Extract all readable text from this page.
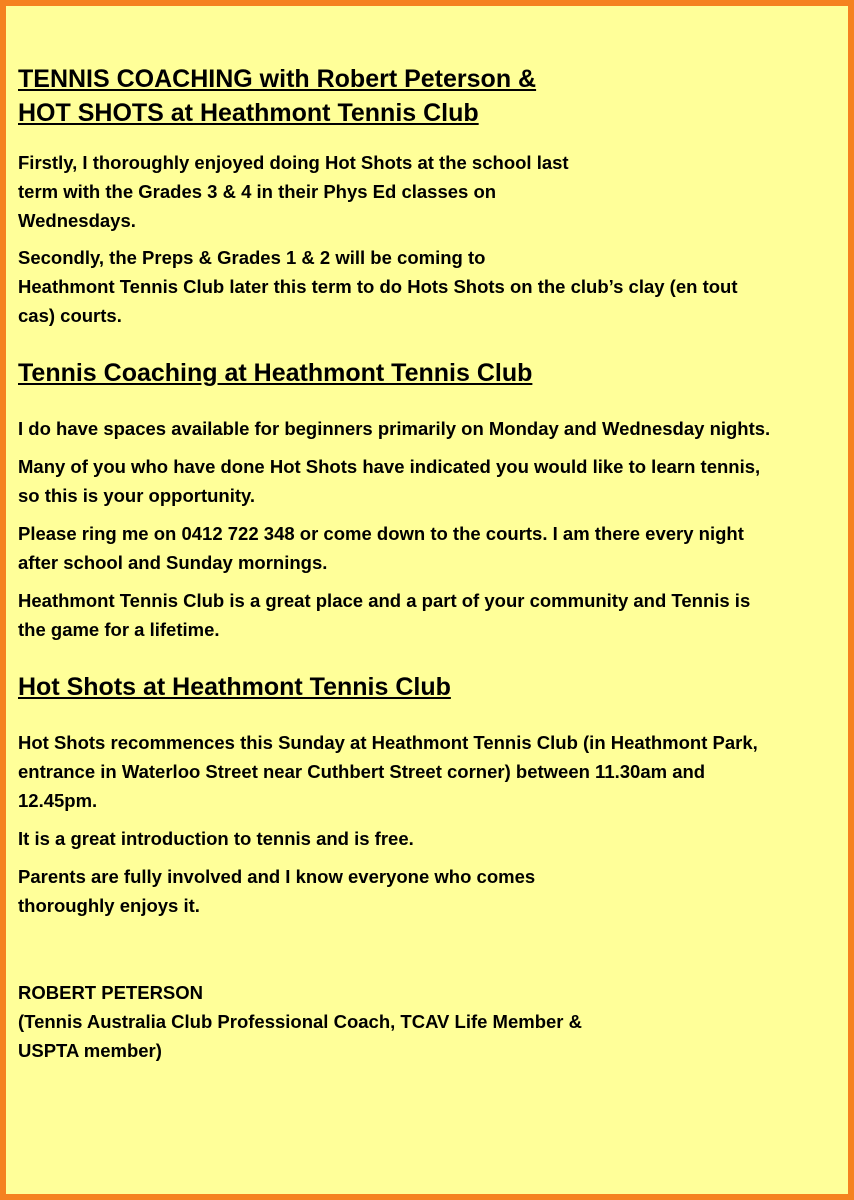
TENNIS COACHING with Robert Peterson &
HOT SHOTS at Heathmont Tennis Club

Firstly, I thoroughly enjoyed doing Hot Shots at the school last
term with the Grades 3 & 4 in their Phys Ed classes on
Wednesdays.

Secondly, the Preps & Grades 1 & 2 will be coming to
Heathmont Tennis Club later this term to do Hots Shots on the club’s clay (en tout
cas) courts.

Tennis Coaching at Heathmont Tennis Club

I do have spaces available for beginners primarily on Monday and Wednesday nights.

Many of you who have done Hot Shots have indicated you would like to learn tennis,
so this is your opportunity.

Please ring me on 0412 722 348 or come down to the courts. I am there every night
after school and Sunday mornings.

Heathmont Tennis Club is a great place and a part of your community and Tennis is
the game for a lifetime.

Hot Shots at Heathmont Tennis Club

Hot Shots recommences this Sunday at Heathmont Tennis Club (in Heathmont Park,
entrance in Waterloo Street near Cuthbert Street corner) between 11.30am and
12.45pm.

It is a great introduction to tennis and is free.

Parents are fully involved and I know everyone who comes
thoroughly enjoys it.

ROBERT PETERSON
(Tennis Australia Club Professional Coach, TCAV Life Member &
USPTA member)
